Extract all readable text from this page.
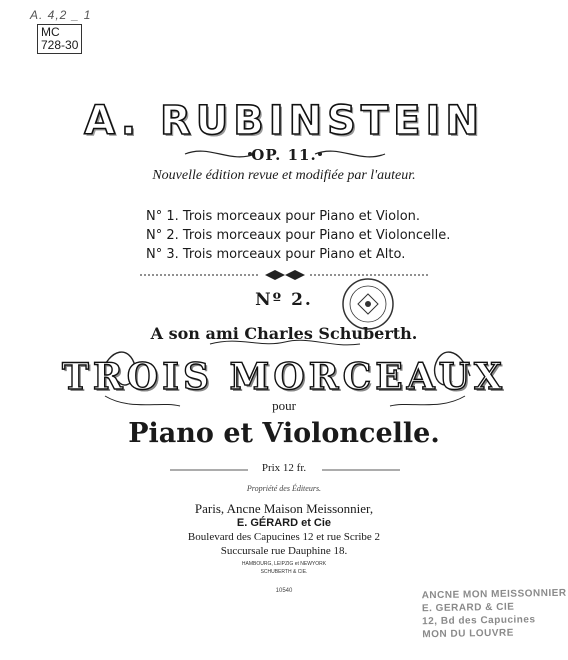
A. 4,2 _ 1
MC
728-30
A. RUBINSTEIN
OP. 11.
Nouvelle édition revue et modifiée par l'auteur.
N° 1. Trois morceaux pour Piano et Violon.
N° 2. Trois morceaux pour Piano et Violoncelle.
N° 3. Trois morceaux pour Piano et Alto.
Nº 2.
A son ami Charles Schuberth.
TROIS MORCEAUX
pour
Piano et Violoncelle.
Prix 12 fr.
Propriété des Éditeurs.
Paris, Ancne Maison Meissonnier,
E. GÉRARD et Cie
Boulevard des Capucines 12 et rue Scribe 2
Succursale rue Dauphine 18.
HAMBOURG, LEIPZIG et NEWYORK
SCHUBERTH & CIE.
10540	ANCNE MON MEISSONNIER
E. GERARD & CIE
12, Bd des Capucines
MON DU LOUVRE
